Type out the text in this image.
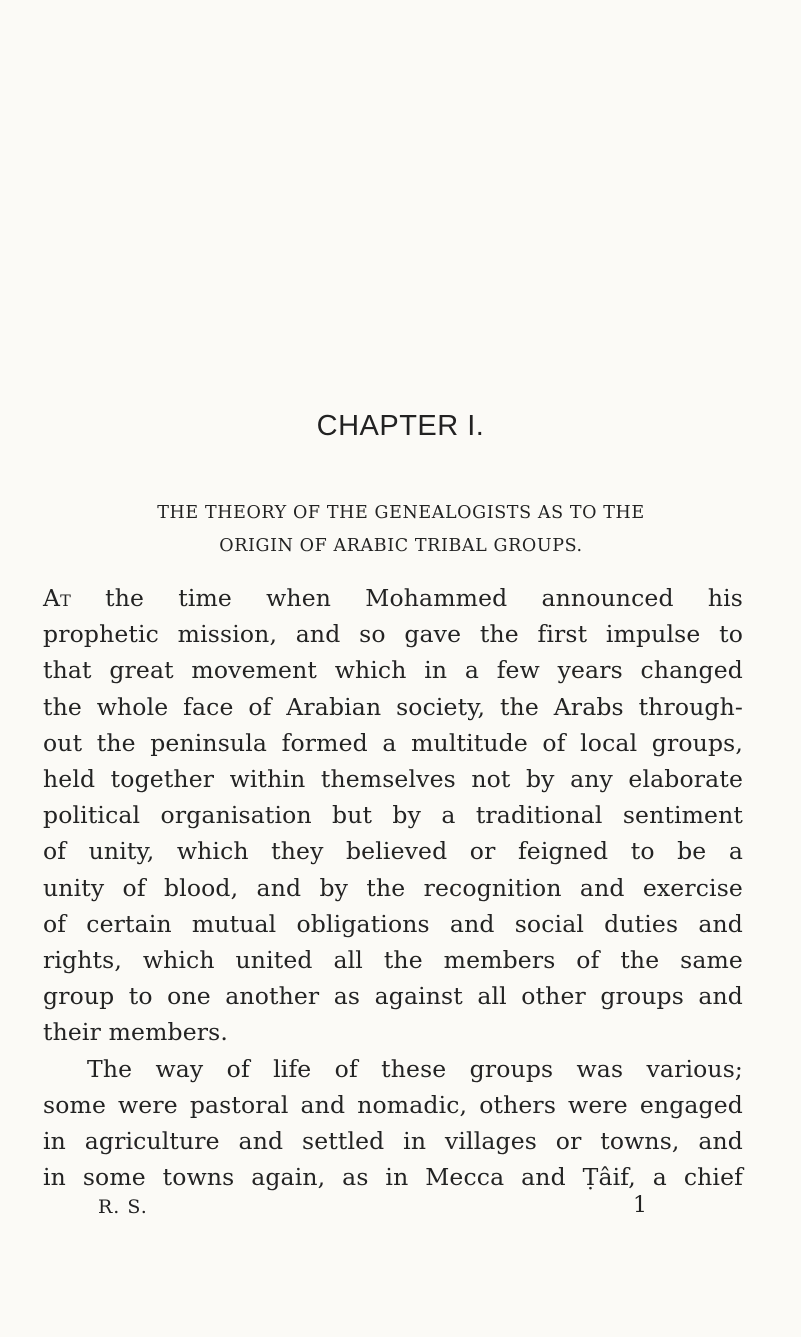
CHAPTER I.
THE THEORY OF THE GENEALOGISTS AS TO THE
ORIGIN OF ARABIC TRIBAL GROUPS.

At the time when Mohammed announced his
prophetic mission, and so gave the first impulse to
that great movement which in a few years changed
the whole face of Arabian society, the Arabs through-
out the peninsula formed a multitude of local groups,
held together within themselves not by any elaborate
political organisation but by a traditional sentiment
of unity, which they believed or feigned to be a
unity of blood, and by the recognition and exercise
of certain mutual obligations and social duties and
rights, which united all the members of the same
group to one another as against all other groups and
their members.

The way of life of these groups was various;
some were pastoral and nomadic, others were engaged
in agriculture and settled in villages or towns, and
in some towns again, as in Mecca and Ṭâif, a chief

R. S.	1
